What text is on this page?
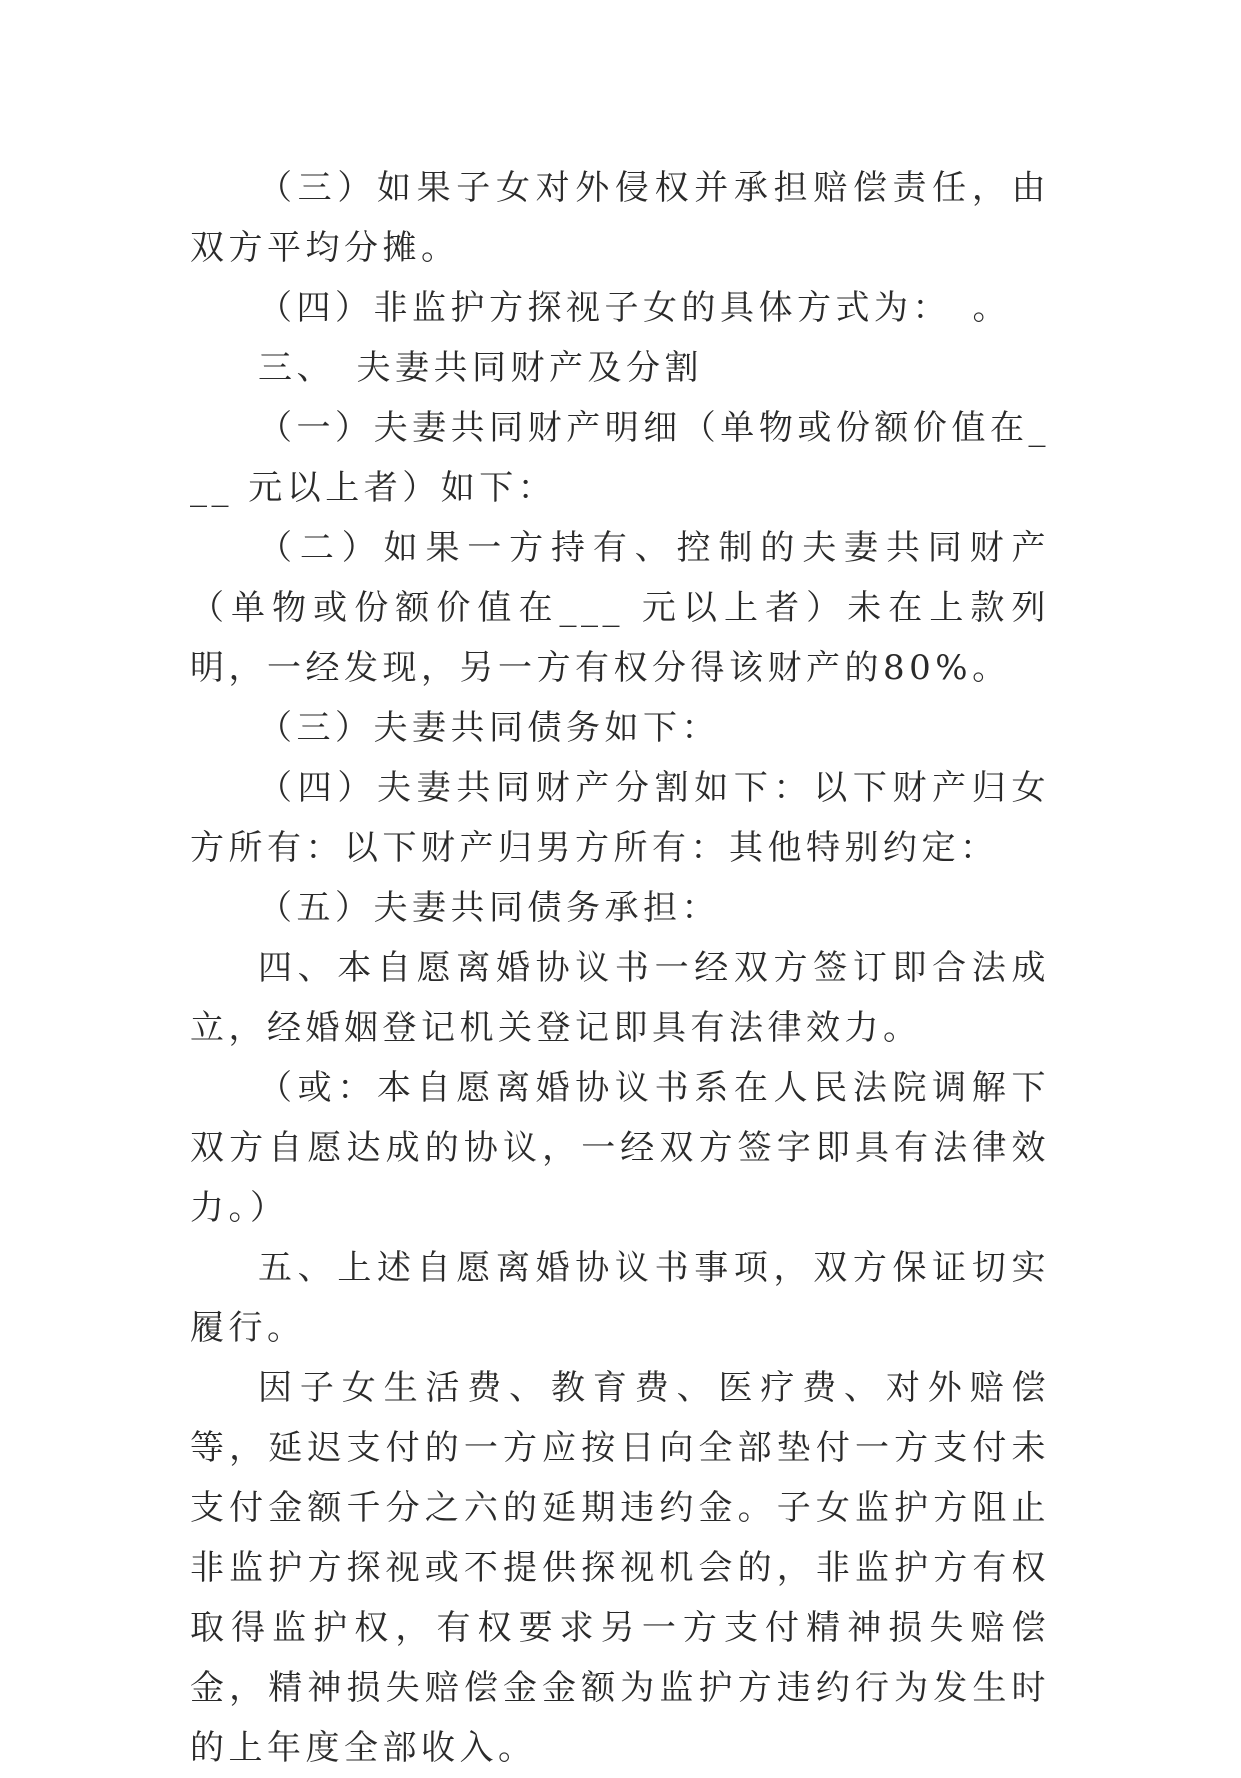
（三）如果子女对外侵权并承担赔偿责任，由双方平均分摊。

（四）非监护方探视子女的具体方式为：　。

三、　夫妻共同财产及分割

（一）夫妻共同财产明细（单物或份额价值在___ 元以上者）如下：

（二）如果一方持有、控制的夫妻共同财产（单物或份额价值在___ 元以上者）未在上款列明，一经发现，另一方有权分得该财产的80%。

（三）夫妻共同债务如下：

（四）夫妻共同财产分割如下：以下财产归女方所有：以下财产归男方所有：其他特别约定：

（五）夫妻共同债务承担：

四、本自愿离婚协议书一经双方签订即合法成立，经婚姻登记机关登记即具有法律效力。

（或：本自愿离婚协议书系在人民法院调解下双方自愿达成的协议，一经双方签字即具有法律效力。）

五、上述自愿离婚协议书事项，双方保证切实履行。

因子女生活费、教育费、医疗费、对外赔偿等，延迟支付的一方应按日向全部垫付一方支付未支付金额千分之六的延期违约金。子女监护方阻止非监护方探视或不提供探视机会的，非监护方有权取得监护权，有权要求另一方支付精神损失赔偿金，精神损失赔偿金金额为监护方违约行为发生时的上年度全部收入。
